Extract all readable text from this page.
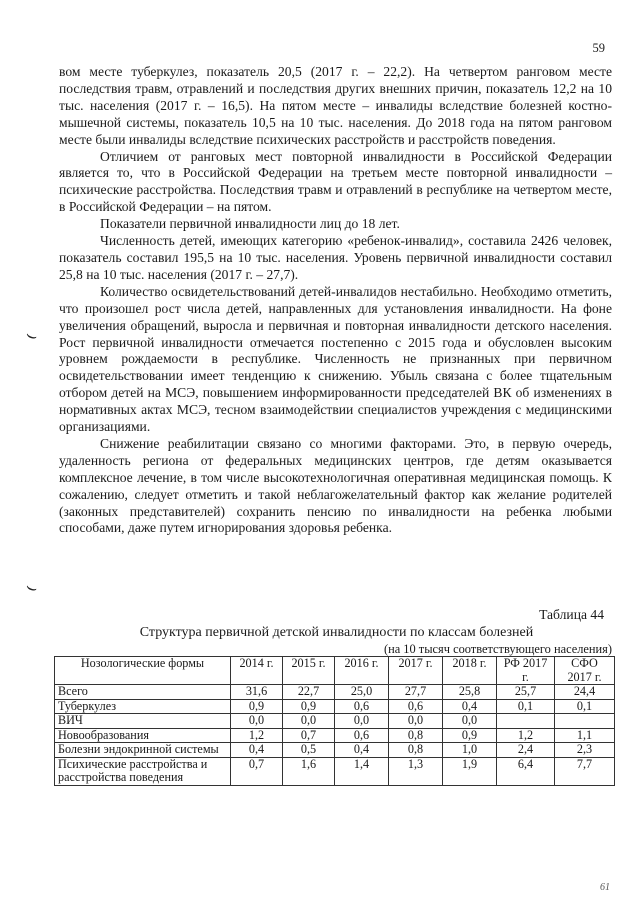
59
⌣
⌣

вом месте туберкулез, показатель 20,5 (2017 г. – 22,2). На четвертом ранговом месте последствия травм, отравлений и последствия других внешних причин, показатель 12,2 на 10 тыс. населения (2017 г. – 16,5). На пятом месте – инвалиды вследствие болезней костно-мышечной системы, показатель 10,5 на 10 тыс. населения. До 2018 года на пятом ранговом месте были инвалиды вследствие психических расстройств и расстройств поведения.

Отличием от ранговых мест повторной инвалидности в Российской Федерации является то, что в Российской Федерации на третьем месте повторной инвалидности – психические расстройства. Последствия травм и отравлений в республике на четвертом месте, в Российской Федерации – на пятом.

Показатели первичной инвалидности лиц до 18 лет.

Численность детей, имеющих категорию «ребенок-инвалид», составила 2426 человек, показатель составил 195,5 на 10 тыс. населения. Уровень первичной инвалидности составил 25,8 на 10 тыс. населения (2017 г. – 27,7).

Количество освидетельствований детей-инвалидов нестабильно. Необходимо отметить, что произошел рост числа детей, направленных для установления инвалидности. На фоне увеличения обращений, выросла и первичная и повторная инвалидности детского населения. Рост первичной инвалидности отмечается постепенно с 2015 года и обусловлен высоким уровнем рождаемости в республике. Численность не признанных при первичном освидетельствовании имеет тенденцию к снижению. Убыль связана с более тщательным отбором детей на МСЭ, повышением информированности председателей ВК об изменениях в нормативных актах МСЭ, тесном взаимодействии специалистов учреждения с медицинскими организациями.

Снижение реабилитации связано со многими факторами. Это, в первую очередь, удаленность региона от федеральных медицинских центров, где детям оказывается комплексное лечение, в том числе высокотехнологичная оперативная медицинская помощь. К сожалению, следует отметить и такой неблагожелательный фактор как желание родителей (законных представителей) сохранить пенсию по инвалидности на ребенка любыми способами, даже путем игнорирования здоровья ребенка.

Таблица 44
Структура первичной детской инвалидности по классам болезней
(на 10 тысяч соответствующего населения)
Нозологические формы	2014 г.	2015 г.	2016 г.	2017 г.	2018 г.	РФ 2017 г.	СФО 2017 г.
Всего	31,6	22,7	25,0	27,7	25,8	25,7	24,4
Туберкулез	0,9	0,9	0,6	0,6	0,4	0,1	0,1
ВИЧ	0,0	0,0	0,0	0,0	0,0		
Новообразования	1,2	0,7	0,6	0,8	0,9	1,2	1,1
Болезни эндокринной системы	0,4	0,5	0,4	0,8	1,0	2,4	2,3
Психические расстройства и расстройства поведения	0,7	1,6	1,4	1,3	1,9	6,4	7,7
61
